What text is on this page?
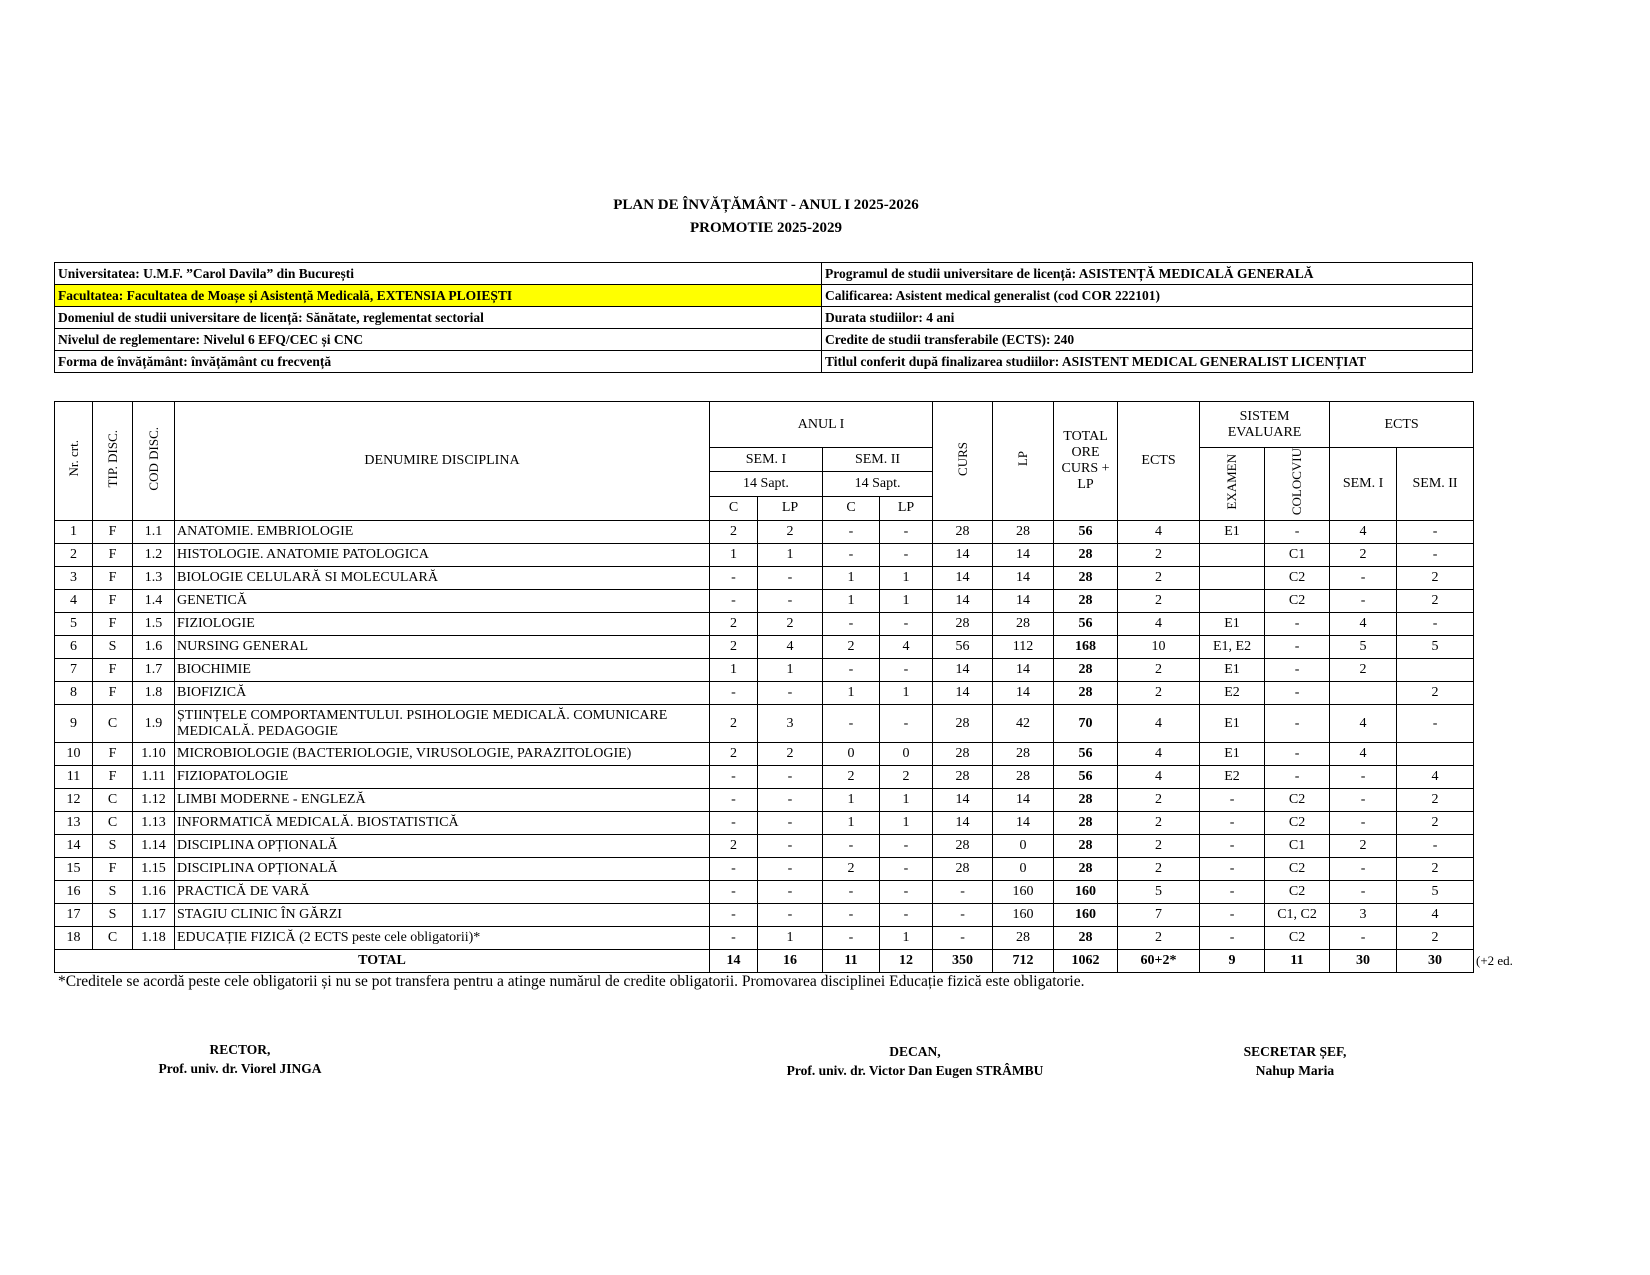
PLAN DE ÎNVĂȚĂMÂNT - ANUL I 2025-2026
PROMOTIE 2025-2029
Universitatea: U.M.F. ”Carol Davila” din București	Programul de studii universitare de licență: ASISTENȚĂ MEDICALĂ GENERALĂ
Facultatea: Facultatea de Moașe și Asistență Medicală, EXTENSIA PLOIEȘTI	Calificarea: Asistent medical generalist (cod COR 222101)
Domeniul de studii universitare de licență: Sănătate, reglementat sectorial	Durata studiilor: 4 ani
Nivelul de reglementare: Nivelul 6 EFQ/CEC și CNC	Credite de studii transferabile (ECTS): 240
Forma de învățământ: învățământ cu frecvență	Titlul conferit după finalizarea studiilor: ASISTENT MEDICAL GENERALIST LICENȚIAT
Nr. crt.	TIP. DISC.	COD DISC.	DENUMIRE DISCIPLINA	ANUL I				CURS	LP	TOTAL ORE CURS + LP	ECTS	SISTEM EVALUARE		ECTS	
				SEM. I		SEM. II						EXAMEN	COLOCVIU	SEM. I	SEM. II
				14 Sapt.		14 Sapt.									
				C	LP	C	LP								
1	F	1.1	ANATOMIE. EMBRIOLOGIE	2	2	-	-	28	28	56	4	E1	-	4	-
2	F	1.2	HISTOLOGIE. ANATOMIE PATOLOGICA	1	1	-	-	14	14	28	2		C1	2	-
3	F	1.3	BIOLOGIE CELULARĂ SI MOLECULARĂ	-	-	1	1	14	14	28	2		C2	-	2
4	F	1.4	GENETICĂ	-	-	1	1	14	14	28	2		C2	-	2
5	F	1.5	FIZIOLOGIE	2	2	-	-	28	28	56	4	E1	-	4	-
6	S	1.6	NURSING GENERAL	2	4	2	4	56	112	168	10	E1, E2	-	5	5
7	F	1.7	BIOCHIMIE	1	1	-	-	14	14	28	2	E1	-	2	
8	F	1.8	BIOFIZICĂ	-	-	1	1	14	14	28	2	E2	-		2
9	C	1.9	ȘTIINȚELE COMPORTAMENTULUI. PSIHOLOGIE MEDICALĂ. COMUNICARE MEDICALĂ. PEDAGOGIE	2	3	-	-	28	42	70	4	E1	-	4	-
10	F	1.10	MICROBIOLOGIE (BACTERIOLOGIE, VIRUSOLOGIE, PARAZITOLOGIE)	2	2	0	0	28	28	56	4	E1	-	4	
11	F	1.11	FIZIOPATOLOGIE	-	-	2	2	28	28	56	4	E2	-	-	4
12	C	1.12	LIMBI MODERNE - ENGLEZĂ	-	-	1	1	14	14	28	2	-	C2	-	2
13	C	1.13	INFORMATICĂ MEDICALĂ. BIOSTATISTICĂ	-	-	1	1	14	14	28	2	-	C2	-	2
14	S	1.14	DISCIPLINA OPȚIONALĂ	2	-	-	-	28	0	28	2	-	C1	2	-
15	F	1.15	DISCIPLINA OPȚIONALĂ	-	-	2	-	28	0	28	2	-	C2	-	2
16	S	1.16	PRACTICĂ DE VARĂ	-	-	-	-	-	160	160	5	-	C2	-	5
17	S	1.17	STAGIU CLINIC ÎN GĂRZI	-	-	-	-	-	160	160	7	-	C1, C2	3	4
18	C	1.18	EDUCAȚIE FIZICĂ (2 ECTS peste cele obligatorii)*	-	1	-	1	-	28	28	2	-	C2	-	2
TOTAL				14	16	11	12	350	712	1062	60+2*	9	11	30	30	(+2 ed.
*Creditele se acordă peste cele obligatorii și nu se pot transfera pentru a atinge numărul de credite obligatorii. Promovarea disciplinei Educație fizică este obligatorie.
RECTOR,
Prof. univ. dr. Viorel JINGA
DECAN,
Prof. univ. dr. Victor Dan Eugen STRÂMBU
SECRETAR ȘEF,
Nahup Maria
